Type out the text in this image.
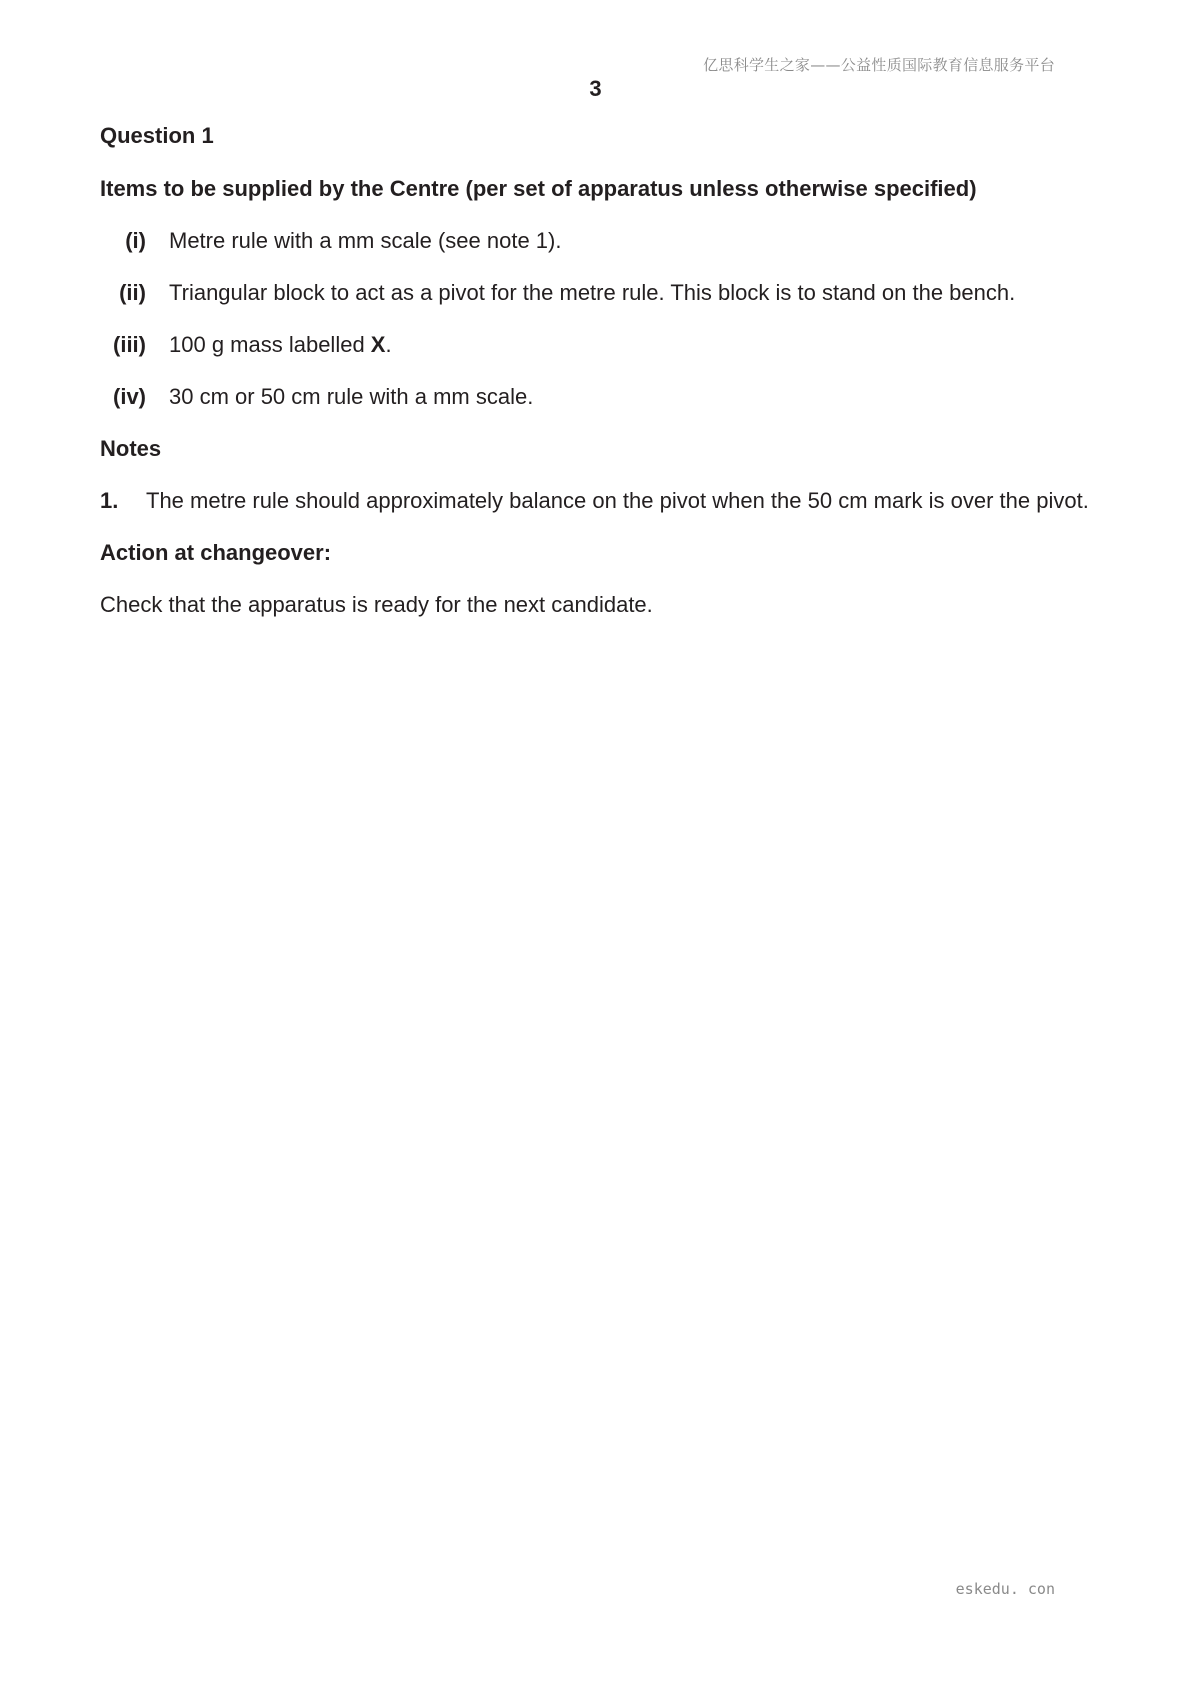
亿思科学生之家——公益性质国际教育信息服务平台
3

Question 1

Items to be supplied by the Centre (per set of apparatus unless otherwise specified)

(i) Metre rule with a mm scale (see note 1).
(ii) Triangular block to act as a pivot for the metre rule. This block is to stand on the bench.
(iii) 100 g mass labelled X.
(iv) 30 cm or 50 cm rule with a mm scale.

Notes

1.	The metre rule should approximately balance on the pivot when the 50 cm mark is over the pivot.

Action at changeover:

Check that the apparatus is ready for the next candidate.

eskedu. con
